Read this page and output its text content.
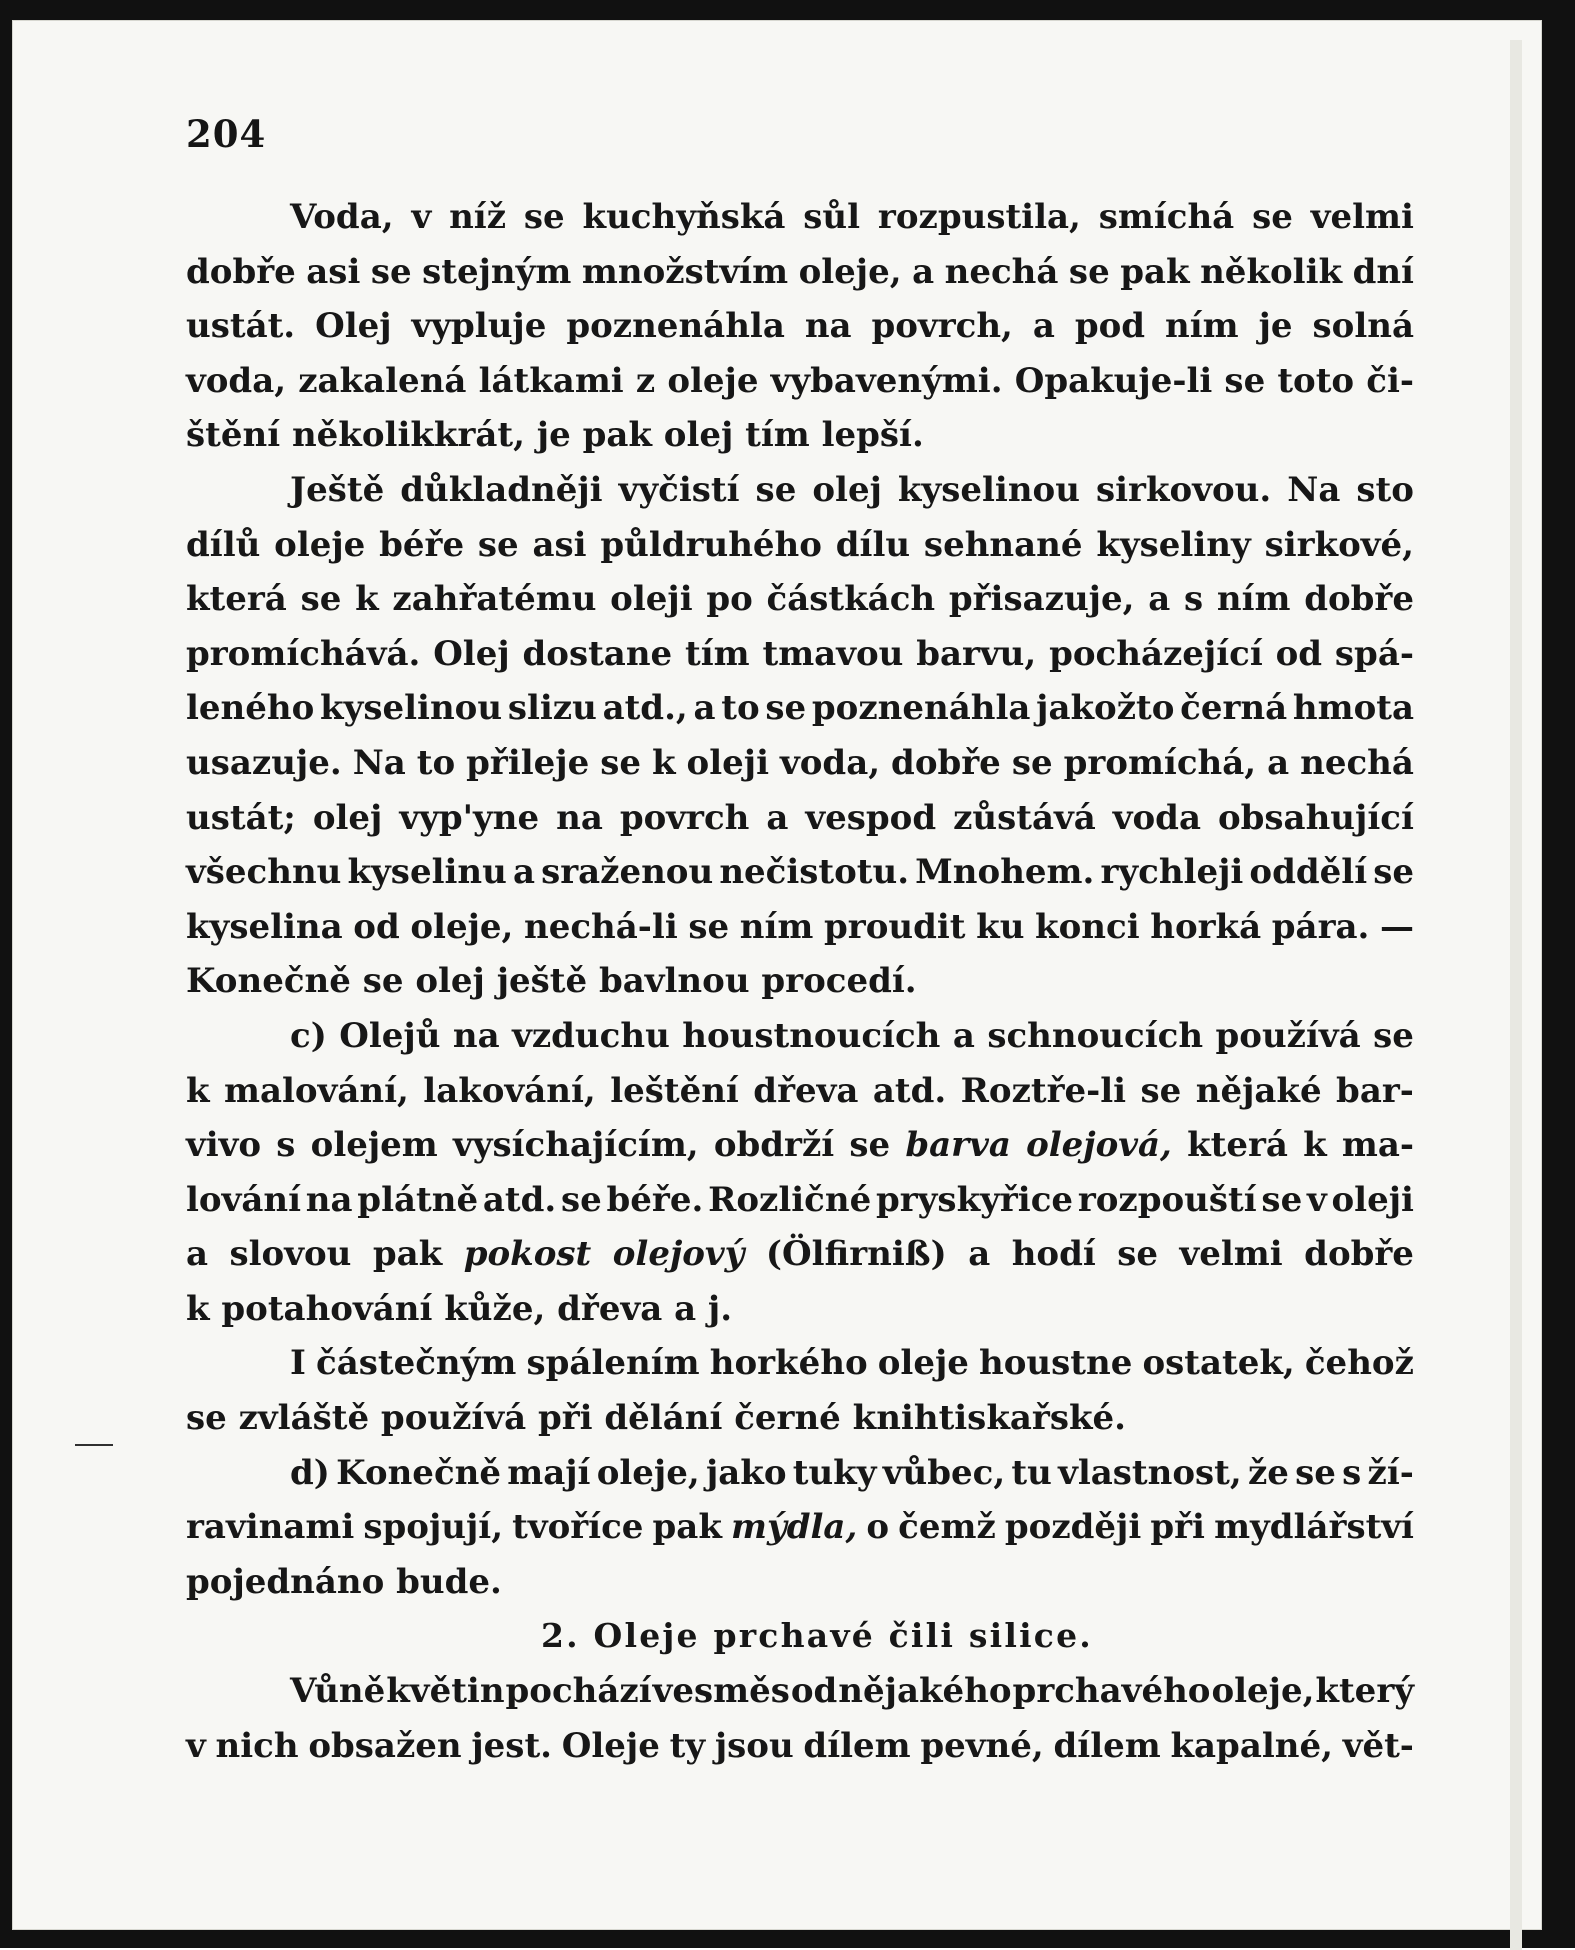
204
Voda, v níž se kuchyňská sůl rozpustila, smíchá se velmi
dobře asi se stejným množstvím oleje, a nechá se pak několik dní
ustát. Olej vypluje poznenáhla na povrch, a pod ním je solná
voda, zakalená látkami z oleje vybavenými. Opakuje-li se toto či-
štění několikkrát, je pak olej tím lepší.
Ještě důkladněji vyčistí se olej kyselinou sirkovou. Na sto
dílů oleje béře se asi půldruhého dílu sehnané kyseliny sirkové,
která se k zahřatému oleji po částkách přisazuje, a s ním dobře
promíchává. Olej dostane tím tmavou barvu, pocházející od spá-
leného kyselinou slizu atd., a to se poznenáhla jakožto černá hmota
usazuje. Na to přileje se k oleji voda, dobře se promíchá, a nechá
ustát; olej vyp'yne na povrch a vespod zůstává voda obsahující
všechnu kyselinu a sraženou nečistotu. Mnohem. rychleji oddělí se
kyselina od oleje, nechá-li se ním proudit ku konci horká pára. —
Konečně se olej ještě bavlnou procedí.
c) Olejů na vzduchu houstnoucích a schnoucích používá se
k malování, lakování, leštění dřeva atd. Roztře-li se nějaké bar-
vivo s olejem vysíchajícím, obdrží se barva olejová, která k ma-
lování na plátně atd. se béře. Rozličné pryskyřice rozpouští se v oleji
a slovou pak pokost olejový (Ölfirniß) a hodí se velmi dobře
k potahování kůže, dřeva a j.
I částečným spálením horkého oleje houstne ostatek, čehož
se zvláště používá při dělání černé knihtiskařské.
d) Konečně mají oleje, jako tuky vůbec, tu vlastnost, že se s ží-
ravinami spojují, tvoříce pak mýdla, o čemž později při mydlářství
pojednáno bude.
2. Oleje prchavé čili silice.
Vůně květin pochází vesměs od nějakého prchavého oleje, který
v nich obsažen jest. Oleje ty jsou dílem pevné, dílem kapalné, vět-
